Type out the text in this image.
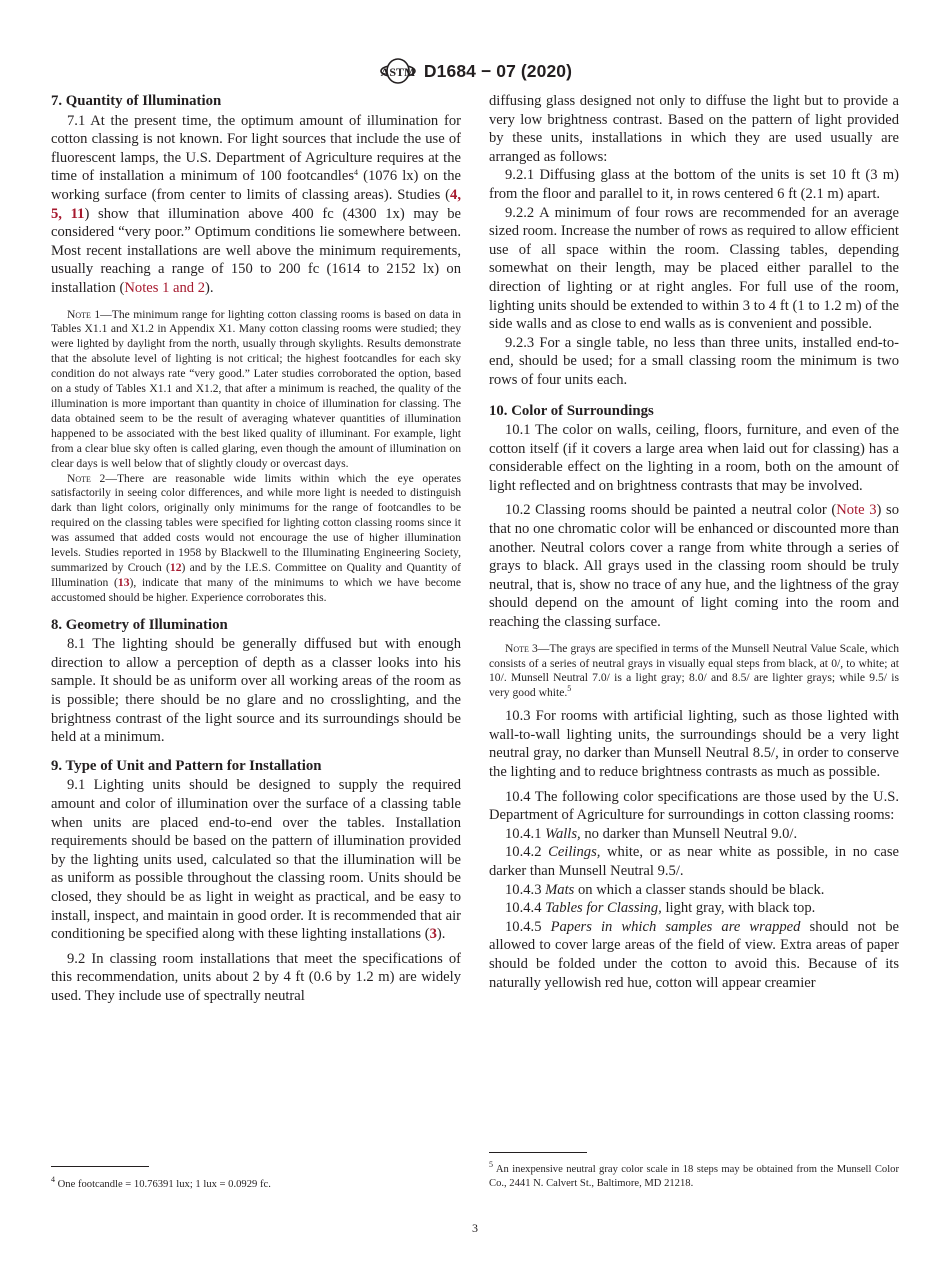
ASTM D1684 − 07 (2020)
7. Quantity of Illumination

7.1 At the present time, the optimum amount of illumination for cotton classing is not known. For light sources that include the use of fluorescent lamps, the U.S. Department of Agriculture requires at the time of installation a minimum of 100 footcandles$^4$ (1076 lx) on the working surface (from center to limits of classing areas). Studies (4, 5, 11) show that illumination above 400 fc (4300 1x) may be considered “very poor.” Optimum conditions lie somewhere between. Most recent installations are well above the minimum requirements, usually reaching a range of 150 to 200 fc (1614 to 2152 lx) on installation (Notes 1 and 2).

Note 1—The minimum range for lighting cotton classing rooms is based on data in Tables X1.1 and X1.2 in Appendix X1. Many cotton classing rooms were studied; they were lighted by daylight from the north, usually through skylights. Results demonstrate that the absolute level of lighting is not critical; the highest footcandles for each sky condition do not always rate “very good.” Later studies corroborated the option, based on a study of Tables X1.1 and X1.2, that after a minimum is reached, the quality of the illumination is more important than quantity in choice of illumination for classing. The data obtained seem to be the result of averaging whatever quantities of illumination happened to be associated with the best liked quality of illuminant. For example, light from a clear blue sky often is called glaring, even though the amount of illumination on clear days is well below that of slightly cloudy or overcast days.

Note 2—There are reasonable wide limits within which the eye operates satisfactorily in seeing color differences, and while more light is needed to distinguish dark than light colors, originally only minimums for the range of footcandles to be required on the classing tables were specified for lighting cotton classing rooms since it was assumed that added costs would not encourage the use of higher illumination levels. Studies reported in 1958 by Blackwell to the Illuminating Engineering Society, summarized by Crouch (12) and by the I.E.S. Committee on Quality and Quantity of Illumination (13), indicate that many of the minimums to which we have become accustomed should be higher. Experience corroborates this.

8. Geometry of Illumination

8.1 The lighting should be generally diffused but with enough direction to allow a perception of depth as a classer looks into his sample. It should be as uniform over all working areas of the room as is possible; there should be no glare and no crosslighting, and the brightness contrast of the light source and its surroundings should be held at a minimum.

9. Type of Unit and Pattern for Installation

9.1 Lighting units should be designed to supply the required amount and color of illumination over the surface of a classing table when units are placed end-to-end over the tables. Installation requirements should be based on the pattern of illumination provided by the lighting units used, calculated so that the illumination will be as uniform as possible throughout the classing room. Units should be closed, they should be as light in weight as practical, and be easy to install, inspect, and maintain in good order. It is recommended that air conditioning be specified along with these lighting installations (3).

9.2 In classing room installations that meet the specifications of this recommendation, units about 2 by 4 ft (0.6 by 1.2 m) are widely used. They include use of spectrally neutral

$^4$ One footcandle = 10.76391 lux; 1 lux = 0.0929 fc.

diffusing glass designed not only to diffuse the light but to provide a very low brightness contrast. Based on the pattern of light provided by these units, installations in which they are used usually are arranged as follows:

9.2.1 Diffusing glass at the bottom of the units is set 10 ft (3 m) from the floor and parallel to it, in rows centered 6 ft (2.1 m) apart.

9.2.2 A minimum of four rows are recommended for an average sized room. Increase the number of rows as required to allow efficient use of all space within the room. Classing tables, depending somewhat on their length, may be placed either parallel to the direction of lighting or at right angles. For full use of the room, lighting units should be extended to within 3 to 4 ft (1 to 1.2 m) of the side walls and as close to end walls as is convenient and possible.

9.2.3 For a single table, no less than three units, installed end-to-end, should be used; for a small classing room the minimum is two rows of four units each.

10. Color of Surroundings

10.1 The color on walls, ceiling, floors, furniture, and even of the cotton itself (if it covers a large area when laid out for classing) has a considerable effect on the lighting in a room, both on the amount of light reflected and on brightness contrasts that may be involved.

10.2 Classing rooms should be painted a neutral color (Note 3) so that no one chromatic color will be enhanced or discounted more than another. Neutral colors cover a range from white through a series of grays to black. All grays used in the classing room should be truly neutral, that is, show no trace of any hue, and the lightness of the gray should depend on the amount of light coming into the room and reaching the classing surface.

Note 3—The grays are specified in terms of the Munsell Neutral Value Scale, which consists of a series of neutral grays in visually equal steps from black, at 0/, to white; at 10/. Munsell Neutral 7.0/ is a light gray; 8.0/ and 8.5/ are lighter grays; while 9.5/ is very good white.$^5$

10.3 For rooms with artificial lighting, such as those lighted with wall-to-wall lighting units, the surroundings should be a very light neutral gray, no darker than Munsell Neutral 8.5/, in order to conserve the lighting and to reduce brightness contrasts as much as possible.

10.4 The following color specifications are those used by the U.S. Department of Agriculture for surroundings in cotton classing rooms:

10.4.1 Walls, no darker than Munsell Neutral 9.0/.

10.4.2 Ceilings, white, or as near white as possible, in no case darker than Munsell Neutral 9.5/.

10.4.3 Mats on which a classer stands should be black.

10.4.4 Tables for Classing, light gray, with black top.

10.4.5 Papers in which samples are wrapped should not be allowed to cover large areas of the field of view. Extra areas of paper should be folded under the cotton to avoid this. Because of its naturally yellowish red hue, cotton will appear creamier

$^5$ An inexpensive neutral gray color scale in 18 steps may be obtained from the Munsell Color Co., 2441 N. Calvert St., Baltimore, MD 21218.
3
